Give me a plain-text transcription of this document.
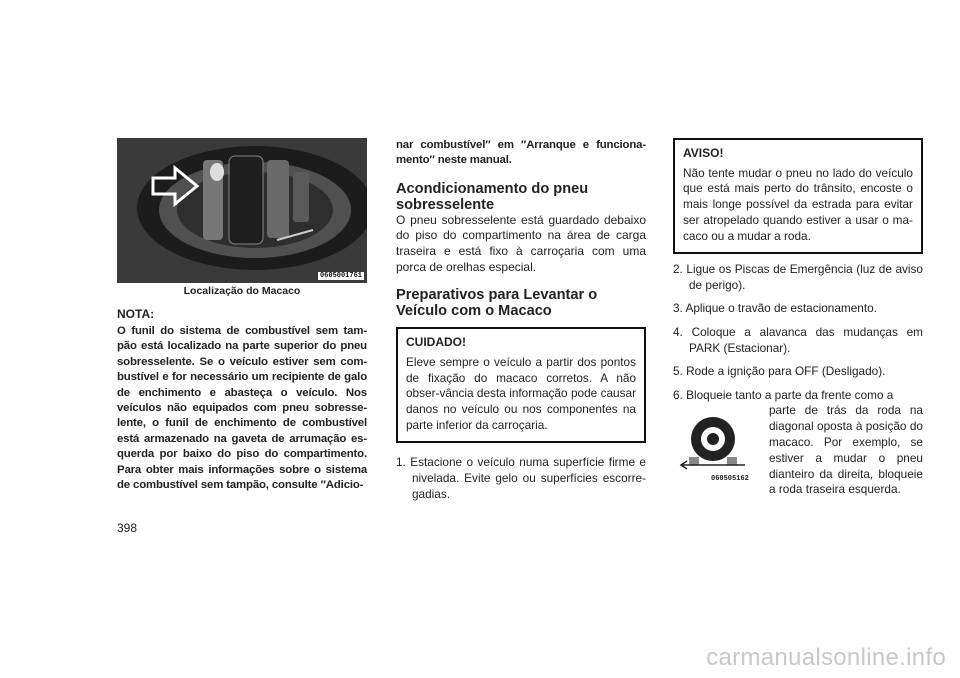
0605001761
Localização do Macaco
NOTA:
O funil do sistema de combustível sem tam-pão está localizado na parte superior do pneu sobresselente. Se o veículo estiver sem com-bustível e for necessário um recipiente de galo de enchimento e abasteça o veículo. Nos veículos não equipados com pneu sobresse-lente, o funil de enchimento de combustível está armazenado na gaveta de arrumação es-querda por baixo do piso do compartimento. Para obter mais informações sobre o sistema de combustível sem tampão, consulte ″Adicio-
398
nar combustível″ em ″Arranque e funciona-mento″ neste manual.
Acondicionamento do pneu sobresselente
O pneu sobresselente está guardado debaixo do piso do compartimento na área de carga traseira e está fixo à carroçaria com uma porca de orelhas especial.
Preparativos para Levantar o Veículo com o Macaco
CUIDADO!
Eleve sempre o veículo a partir dos pontos de fixação do macaco corretos. A não obser-vância desta informação pode causar danos no veículo ou nos componentes na parte inferior da carroçaria.
1. Estacione o veículo numa superfície firme e nivelada. Evite gelo ou superfícies escorre-gadias.
AVISO!
Não tente mudar o pneu no lado do veículo que está mais perto do trânsito, encoste o mais longe possível da estrada para evitar ser atropelado quando estiver a usar o ma-caco ou a mudar a roda.
2. Ligue os Piscas de Emergência (luz de aviso de perigo).
3. Aplique o travão de estacionamento.
4. Coloque a alavanca das mudanças em PARK (Estacionar).
5. Rode a ignição para OFF (Desligado).
6. Bloqueie tanto a parte da frente como a
060505162
parte de trás da roda na diagonal oposta à posição do macaco. Por exemplo, se estiver a mudar o pneu dianteiro da direita, bloqueie a roda traseira esquerda.
carmanualsonline.info
